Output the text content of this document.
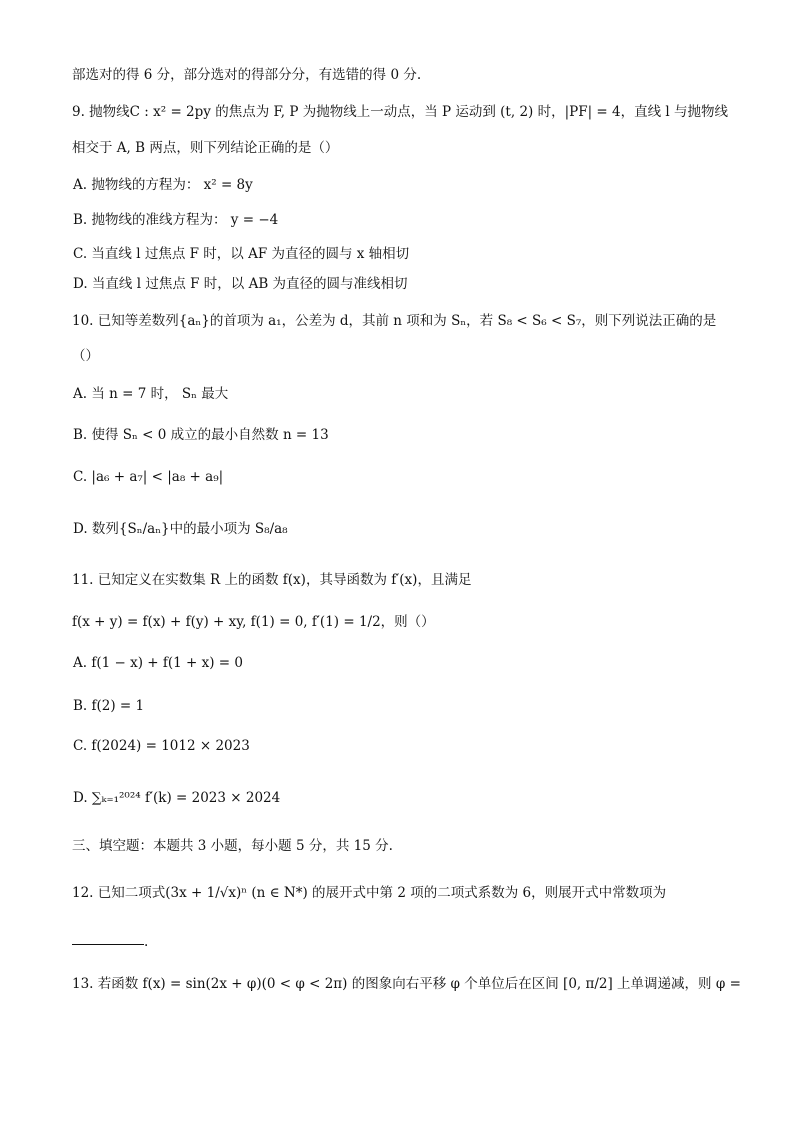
部选对的得 6 分，部分选对的得部分分，有选错的得 0 分.
9. 抛物线C : x² = 2py 的焦点为 F, P 为抛物线上一动点，当 P 运动到 (t, 2) 时，|PF| = 4，直线 l 与抛物线
相交于 A, B 两点，则下列结论正确的是（）
A. 抛物线的方程为： x² = 8y
B. 抛物线的准线方程为： y = −4
C. 当直线 l 过焦点 F 时，以 AF 为直径的圆与 x 轴相切
D. 当直线 l 过焦点 F 时，以 AB 为直径的圆与准线相切
10. 已知等差数列{aₙ}的首项为 a₁，公差为 d，其前 n 项和为 Sₙ，若 S₈ < S₆ < S₇，则下列说法正确的是
（）
A. 当 n = 7 时， Sₙ 最大
B. 使得 Sₙ < 0 成立的最小自然数 n = 13
C. |a₆ + a₇| < |a₈ + a₉|
D. 数列{Sₙ/aₙ}中的最小项为 S₈/a₈
11. 已知定义在实数集 R 上的函数 f(x)，其导函数为 f′(x)，且满足
f(x + y) = f(x) + f(y) + xy, f(1) = 0, f′(1) = 1/2，则（）
A. f(1 − x) + f(1 + x) = 0
B. f(2) = 1
C. f(2024) = 1012 × 2023
D. ∑ₖ₌₁²⁰²⁴ f′(k) = 2023 × 2024
三、填空题：本题共 3 小题，每小题 5 分，共 15 分.
12. 已知二项式(3x + 1/√x)ⁿ (n ∈ N*) 的展开式中第 2 项的二项式系数为 6，则展开式中常数项为
.
13. 若函数 f(x) = sin(2x + φ)(0 < φ < 2π) 的图象向右平移 φ 个单位后在区间 [0, π/2] 上单调递减，则 φ =
